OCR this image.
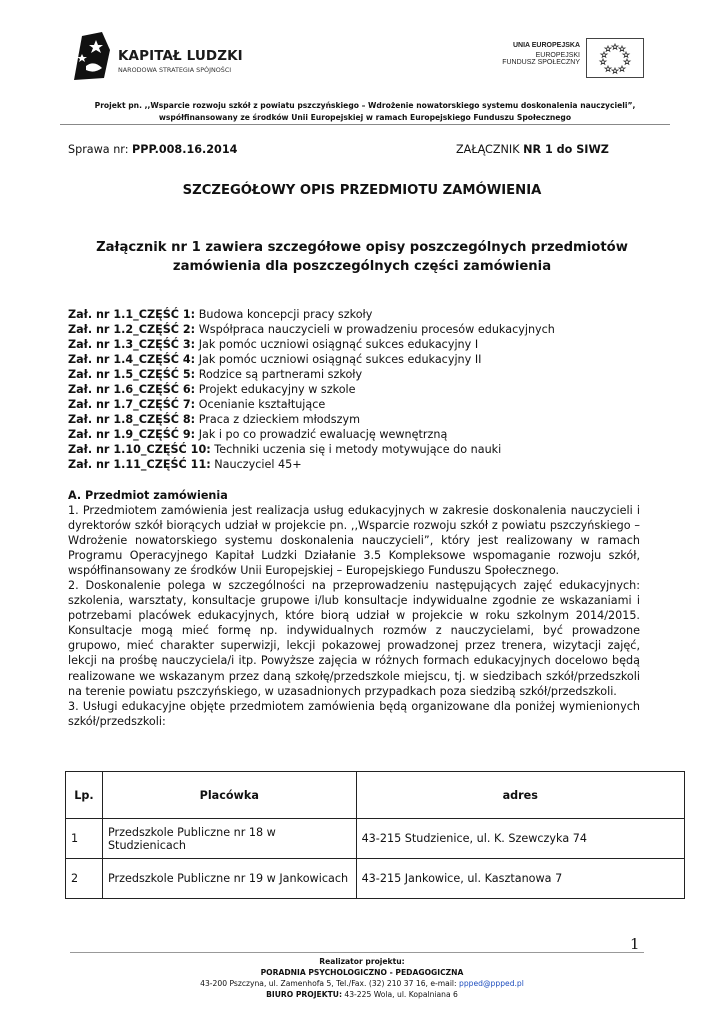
KAPITAŁ LUDZKI
NARODOWA STRATEGIA SPÓJNOŚCI
UNIA EUROPEJSKA
EUROPEJSKI
FUNDUSZ SPOŁECZNY
Projekt pn. ,,Wsparcie rozwoju szkół z powiatu pszczyńskiego – Wdrożenie nowatorskiego systemu doskonalenia nauczycieli”, współfinansowany ze środków Unii Europejskiej w ramach Europejskiego Funduszu Społecznego
Sprawa nr: PPP.008.16.2014	ZAŁĄCZNIK NR 1 do SIWZ
SZCZEGÓŁOWY OPIS PRZEDMIOTU ZAMÓWIENIA
Załącznik nr 1 zawiera szczegółowe opisy poszczególnych przedmiotów zamówienia dla poszczególnych części zamówienia
Zał. nr 1.1_CZĘŚĆ 1: Budowa koncepcji pracy szkoły
Zał. nr 1.2_CZĘŚĆ 2: Współpraca nauczycieli w prowadzeniu procesów edukacyjnych
Zał. nr 1.3_CZĘŚĆ 3: Jak pomóc uczniowi osiągnąć sukces edukacyjny I
Zał. nr 1.4_CZĘŚĆ 4: Jak pomóc uczniowi osiągnąć sukces edukacyjny II
Zał. nr 1.5_CZĘŚĆ 5: Rodzice są partnerami szkoły
Zał. nr 1.6_CZĘŚĆ 6: Projekt edukacyjny w szkole
Zał. nr 1.7_CZĘŚĆ 7: Ocenianie kształtujące
Zał. nr 1.8_CZĘŚĆ 8: Praca z dzieckiem młodszym
Zał. nr 1.9_CZĘŚĆ 9: Jak i po co prowadzić ewaluację wewnętrzną
Zał. nr 1.10_CZĘŚĆ 10: Techniki uczenia się i metody motywujące do nauki
Zał. nr 1.11_CZĘŚĆ 11: Nauczyciel 45+
A. Przedmiot zamówienia

1. Przedmiotem zamówienia jest realizacja usług edukacyjnych w zakresie doskonalenia nauczycieli i dyrektorów szkół biorących udział w projekcie pn. ,,Wsparcie rozwoju szkół z powiatu pszczyńskiego – Wdrożenie nowatorskiego systemu doskonalenia nauczycieli”, który jest realizowany w ramach Programu Operacyjnego Kapitał Ludzki Działanie 3.5 Kompleksowe wspomaganie rozwoju szkół, współfinansowany ze środków Unii Europejskiej – Europejskiego Funduszu Społecznego.

2. Doskonalenie polega w szczególności na przeprowadzeniu następujących zajęć edukacyjnych: szkolenia, warsztaty, konsultacje grupowe i/lub konsultacje indywidualne zgodnie ze wskazaniami i potrzebami placówek edukacyjnych, które biorą udział w projekcie w roku szkolnym 2014/2015. Konsultacje mogą mieć formę np. indywidualnych rozmów z nauczycielami, być prowadzone grupowo, mieć charakter superwizji, lekcji pokazowej prowadzonej przez trenera, wizytacji zajęć, lekcji na prośbę nauczyciela/i itp. Powyższe zajęcia w różnych formach edukacyjnych docelowo będą realizowane we wskazanym przez daną szkołę/przedszkole miejscu, tj. w siedzibach szkół/przedszkoli na terenie powiatu pszczyńskiego, w uzasadnionych przypadkach poza siedzibą szkół/przedszkoli.

3. Usługi edukacyjne objęte przedmiotem zamówienia będą organizowane dla poniżej wymienionych szkół/przedszkoli:

Lp.	Placówka	adres
1	Przedszkole Publiczne nr 18 w Studzienicach	43-215 Studzienice, ul. K. Szewczyka 74
2	Przedszkole Publiczne nr 19 w Jankowicach	43-215 Jankowice, ul. Kasztanowa 7
1
Realizator projektu:
PORADNIA PSYCHOLOGICZNO - PEDAGOGICZNA
43-200 Pszczyna, ul. Zamenhofa 5, Tel./Fax. (32) 210 37 16, e-mail: ppped@ppped.pl
BIURO PROJEKTU: 43-225 Wola, ul. Kopalniana 6
